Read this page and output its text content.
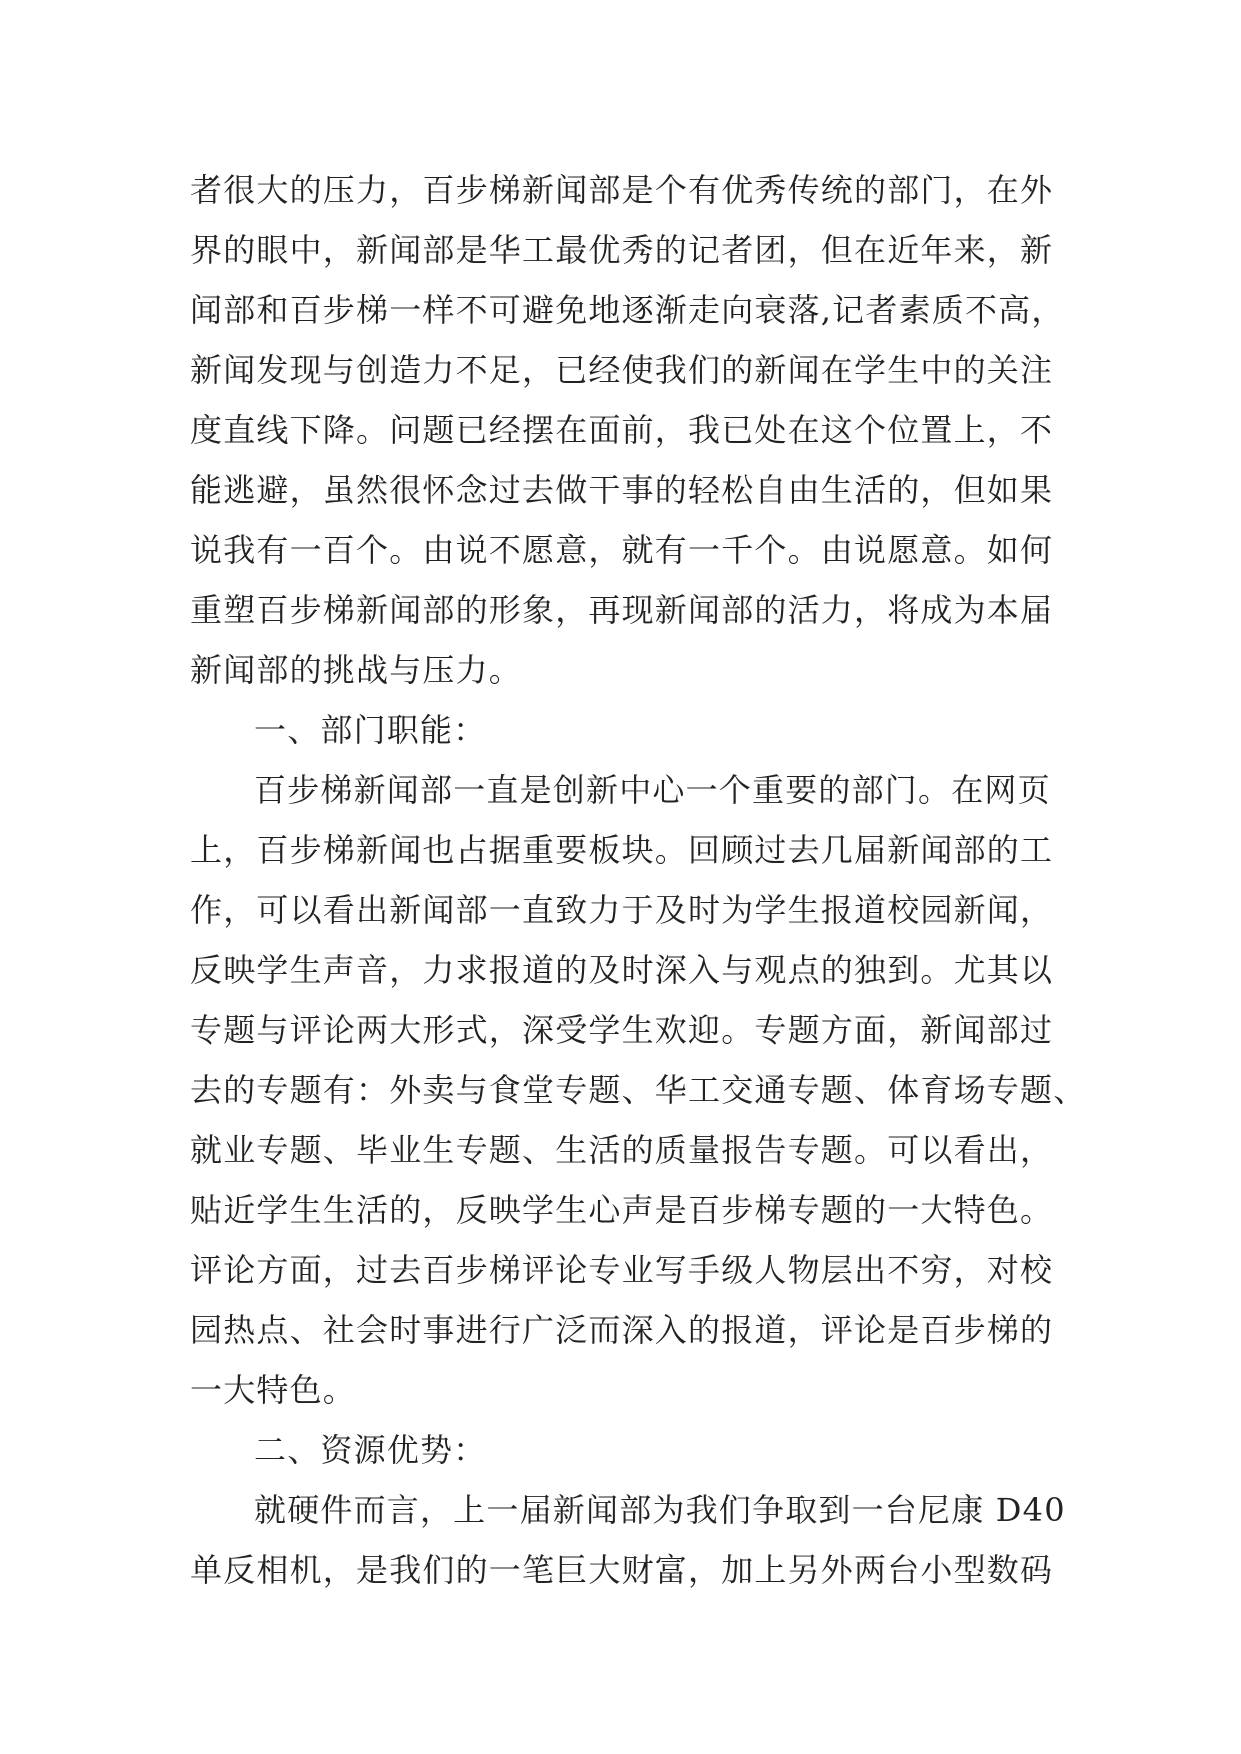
者很大的压力，百步梯新闻部是个有优秀传统的部门，在外
界的眼中，新闻部是华工最优秀的记者团，但在近年来，新
闻部和百步梯一样不可避免地逐渐走向衰落,记者素质不高，
新闻发现与创造力不足，已经使我们的新闻在学生中的关注
度直线下降。问题已经摆在面前，我已处在这个位置上，不
能逃避，虽然很怀念过去做干事的轻松自由生活的，但如果
说我有一百个。由说不愿意，就有一千个。由说愿意。如何
重塑百步梯新闻部的形象，再现新闻部的活力，将成为本届
新闻部的挑战与压力。
一、部门职能：
百步梯新闻部一直是创新中心一个重要的部门。在网页
上，百步梯新闻也占据重要板块。回顾过去几届新闻部的工
作，可以看出新闻部一直致力于及时为学生报道校园新闻，
反映学生声音，力求报道的及时深入与观点的独到。尤其以
专题与评论两大形式，深受学生欢迎。专题方面，新闻部过
去的专题有：外卖与食堂专题、华工交通专题、体育场专题、
就业专题、毕业生专题、生活的质量报告专题。可以看出，
贴近学生生活的，反映学生心声是百步梯专题的一大特色。
评论方面，过去百步梯评论专业写手级人物层出不穷，对校
园热点、社会时事进行广泛而深入的报道，评论是百步梯的
一大特色。
二、资源优势：
就硬件而言，上一届新闻部为我们争取到一台尼康 D40
单反相机，是我们的一笔巨大财富，加上另外两台小型数码
